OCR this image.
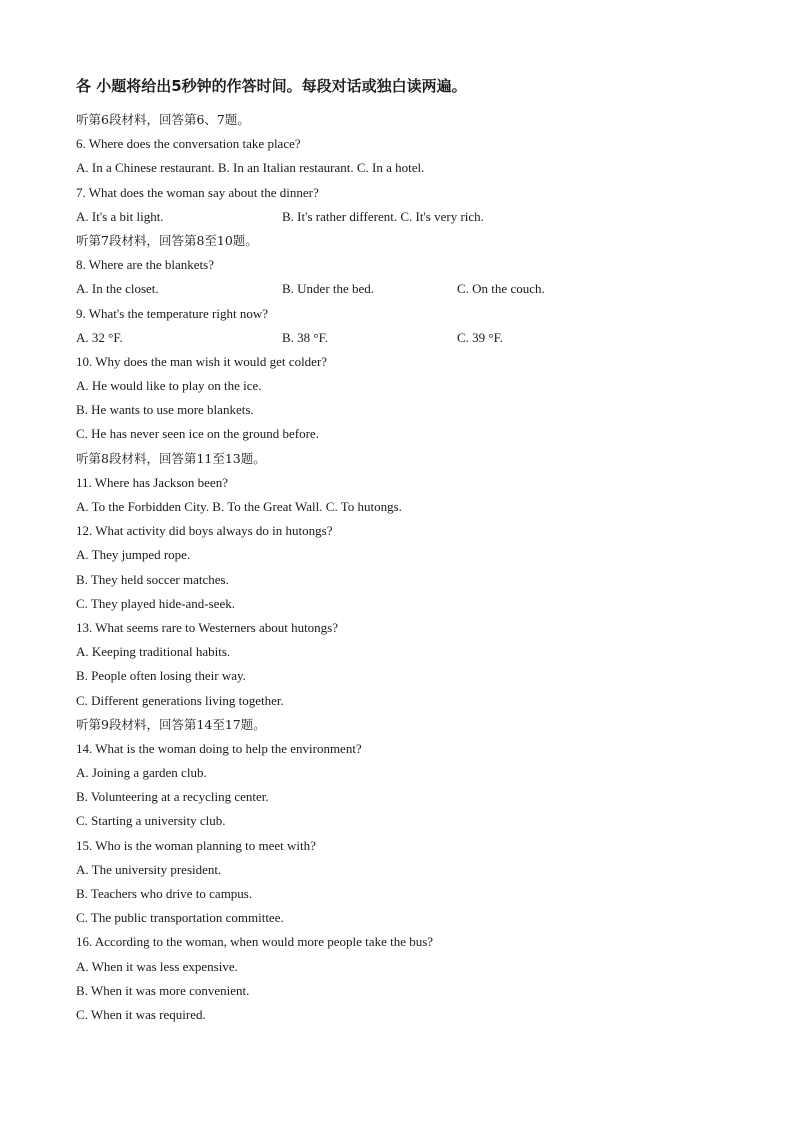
各 小题将给出5秒钟的作答时间。每段对话或独白读两遍。
听第6段材料，回答第6、7题。
6. Where does the conversation take place?
A. In a Chinese restaurant. B. In an Italian restaurant. C. In a hotel.
7. What does the woman say about the dinner?
A. It's a bit light.	B. It's rather different. C. It's very rich.
听第7段材料，回答第8至10题。
8. Where are the blankets?
A. In the closet.	B. Under the bed.	C. On the couch.
9. What's the temperature right now?
A. 32 °F.	B. 38 °F.	C. 39 °F.
10. Why does the man wish it would get colder?
A. He would like to play on the ice.
B. He wants to use more blankets.
C. He has never seen ice on the ground before.
听第8段材料，回答第11至13题。
11. Where has Jackson been?
A. To the Forbidden City. B. To the Great Wall. C. To hutongs.
12. What activity did boys always do in hutongs?
A. They jumped rope.
B. They held soccer matches.
C. They played hide-and-seek.
13. What seems rare to Westerners about hutongs?
A. Keeping traditional habits.
B. People often losing their way.
C. Different generations living together.
听第9段材料，回答第14至17题。
14. What is the woman doing to help the environment?
A. Joining a garden club.
B. Volunteering at a recycling center.
C. Starting a university club.
15. Who is the woman planning to meet with?
A. The university president.
B. Teachers who drive to campus.
C. The public transportation committee.
16. According to the woman, when would more people take the bus?
A. When it was less expensive.
B. When it was more convenient.
C. When it was required.
